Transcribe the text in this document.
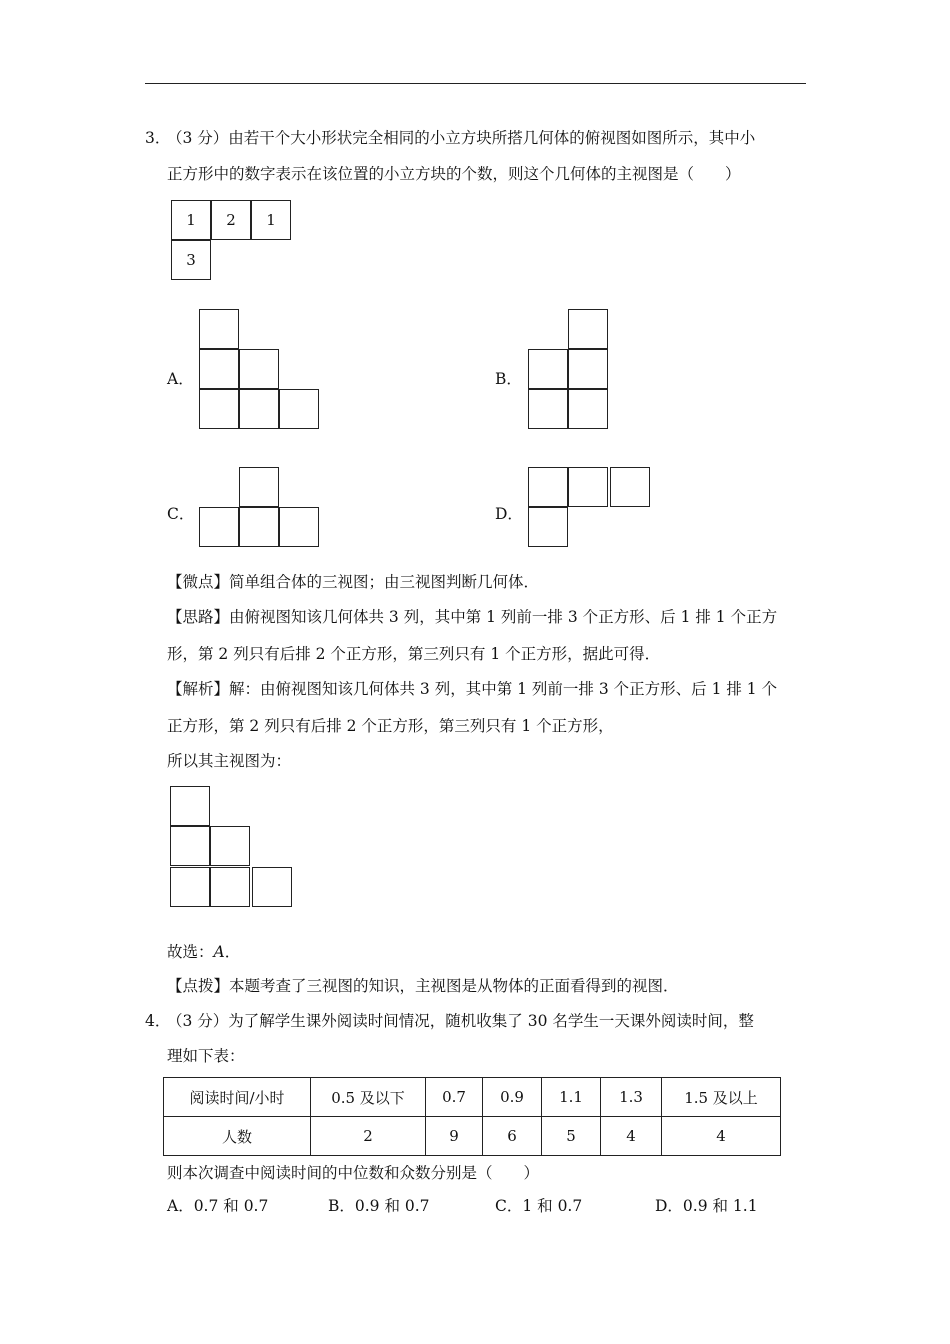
3．
（3 分）由若干个大小形状完全相同的小立方块所搭几何体的俯视图如图所示，其中小
正方形中的数字表示在该位置的小立方块的个数，则这个几何体的主视图是（　　）
1	2	1
3
A．	B．
C．	D．
【微点】简单组合体的三视图；由三视图判断几何体．
【思路】由俯视图知该几何体共 3 列，其中第 1 列前一排 3 个正方形、后 1 排 1 个正方
形，第 2 列只有后排 2 个正方形，第三列只有 1 个正方形，据此可得．
【解析】解：由俯视图知该几何体共 3 列，其中第 1 列前一排 3 个正方形、后 1 排 1 个
正方形，第 2 列只有后排 2 个正方形，第三列只有 1 个正方形，
所以其主视图为：
故选：A．
【点拨】本题考查了三视图的知识，主视图是从物体的正面看得到的视图．
4．
（3 分）为了解学生课外阅读时间情况，随机收集了 30 名学生一天课外阅读时间，整
理如下表：
阅读时间/小时	0.5 及以下	0.7	0.9	1.1	1.3	1.5 及以上
人数	2	9	6	5	4	4
则本次调查中阅读时间的中位数和众数分别是（　　）
A．0.7 和 0.7	B．0.9 和 0.7	C．1 和 0.7	D．0.9 和 1.1
